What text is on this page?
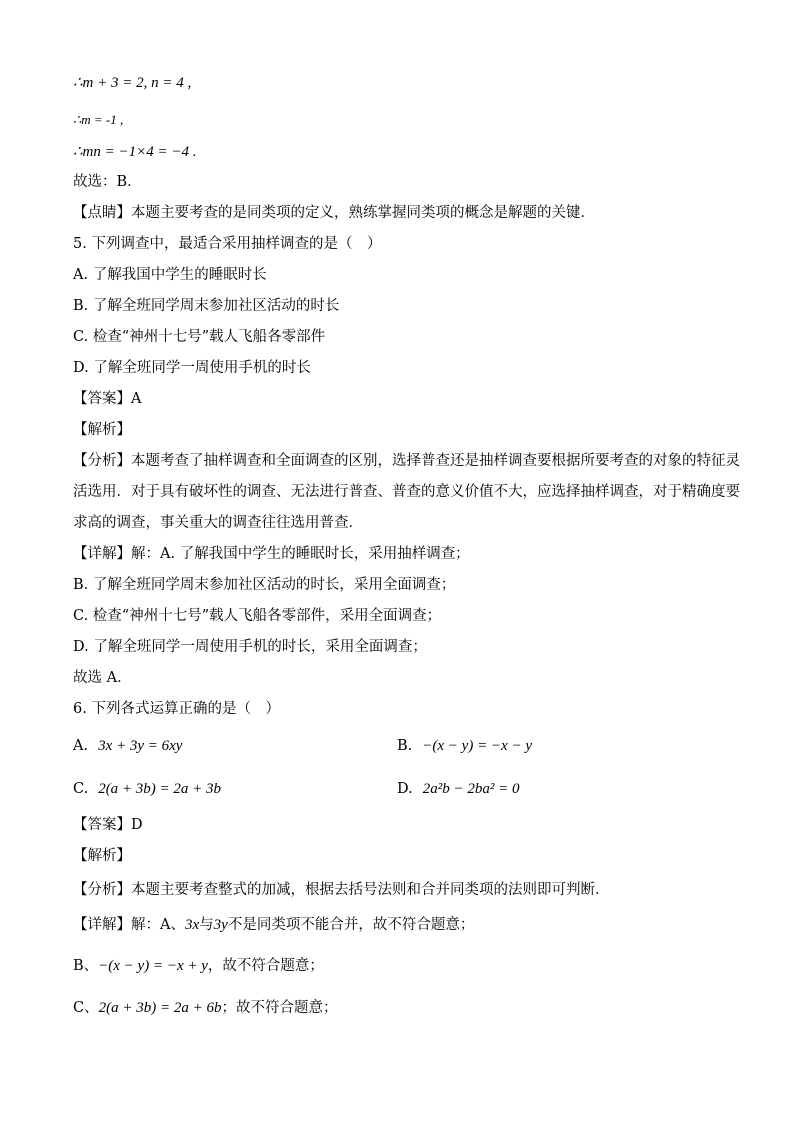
∴m + 3 = 2, n = 4 ,
∴m = -1 ,
∴mn = −1×4 = −4 .
故选：B．
【点睛】本题主要考查的是同类项的定义，熟练掌握同类项的概念是解题的关键．
5. 下列调查中，最适合采用抽样调查的是（　）
A. 了解我国中学生的睡眠时长
B. 了解全班同学周末参加社区活动的时长
C. 检查“神州十七号”载人飞船各零部件
D. 了解全班同学一周使用手机的时长
【答案】A
【解析】
【分析】本题考查了抽样调查和全面调查的区别，选择普查还是抽样调查要根据所要考查的对象的特征灵
活选用．对于具有破坏性的调查、无法进行普查、普查的意义价值不大，应选择抽样调查，对于精确度要
求高的调查，事关重大的调查往往选用普查．
【详解】解：A. 了解我国中学生的睡眠时长，采用抽样调查；
B. 了解全班同学周末参加社区活动的时长，采用全面调查；
C. 检查“神州十七号”载人飞船各零部件，采用全面调查；
D. 了解全班同学一周使用手机的时长，采用全面调查；
故选 A．
6. 下列各式运算正确的是（　）
A. 3x + 3y = 6xy	B. −(x − y) = −x − y
C. 2(a + 3b) = 2a + 3b	D. 2a²b − 2ba² = 0
【答案】D
【解析】
【分析】本题主要考查整式的加减，根据去括号法则和合并同类项的法则即可判断．
【详解】解：A、3x与3y不是同类项不能合并，故不符合题意；
B、−(x − y) = −x + y，故不符合题意；
C、2(a + 3b) = 2a + 6b；故不符合题意；
